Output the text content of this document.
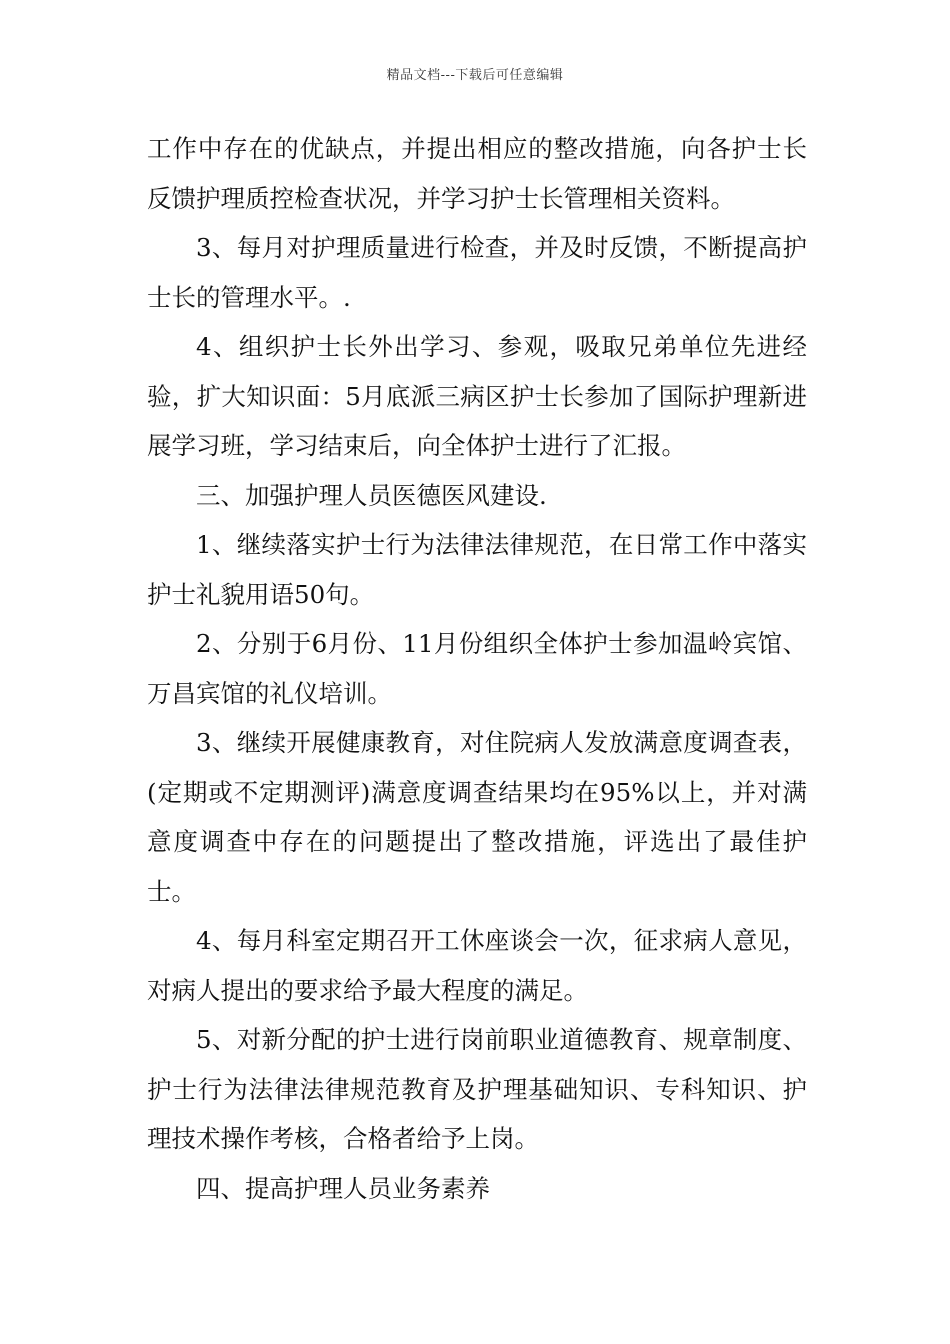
精品文档---下载后可任意编辑

工作中存在的优缺点，并提出相应的整改措施，向各护士长反馈护理质控检查状况，并学习护士长管理相关资料。

3、每月对护理质量进行检查，并及时反馈，不断提高护士长的管理水平。.

4、组织护士长外出学习、参观，吸取兄弟单位先进经验，扩大知识面：5月底派三病区护士长参加了国际护理新进展学习班，学习结束后，向全体护士进行了汇报。

三、加强护理人员医德医风建设.

1、继续落实护士行为法律法律规范，在日常工作中落实护士礼貌用语50句。

2、分别于6月份、11月份组织全体护士参加温岭宾馆、万昌宾馆的礼仪培训。

3、继续开展健康教育，对住院病人发放满意度调查表，(定期或不定期测评)满意度调查结果均在95%以上，并对满意度调查中存在的问题提出了整改措施，评选出了最佳护士。

4、每月科室定期召开工休座谈会一次，征求病人意见，对病人提出的要求给予最大程度的满足。

5、对新分配的护士进行岗前职业道德教育、规章制度、护士行为法律法律规范教育及护理基础知识、专科知识、护理技术操作考核，合格者给予上岗。

四、提高护理人员业务素养
